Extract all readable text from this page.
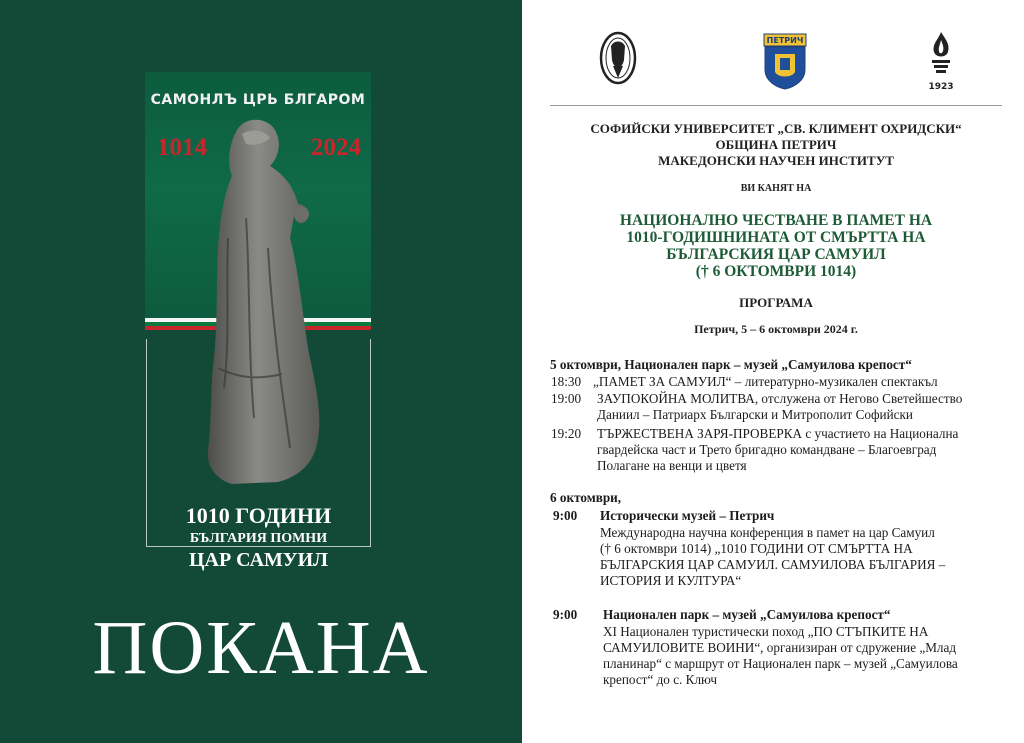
САМОНЛЪ ЦРЬ БЛГАРОМ
1014	2024
1010 ГОДИНИ
БЪЛГАРИЯ ПОМНИ
ЦАР САМУИЛ
ПОКАНА
ПЕТРИЧ
1923
СОФИЙСКИ УНИВЕРСИТЕТ „СВ. КЛИМЕНТ ОХРИДСКИ“
ОБЩИНА ПЕТРИЧ
МАКЕДОНСКИ НАУЧЕН ИНСТИТУТ
ВИ КАНЯТ НА
НАЦИОНАЛНО ЧЕСТВАНЕ В ПАМЕТ НА
1010-ГОДИШНИНАТА ОТ СМЪРТТА НА
БЪЛГАРСКИЯ ЦАР САМУИЛ
(† 6 ОКТОМВРИ 1014)
ПРОГРАМА
Петрич, 5 – 6 октомври 2024 г.
5 октомври, Национален парк – музей „Самуилова крепост“
18:30 „ПАМЕТ ЗА САМУИЛ“ – литературно-музикален спектакъл
19:00 ЗАУПОКОЙНА МОЛИТВА, отслужена от Негово Светейшество
Даниил – Патриарх Български и Митрополит Софийски
19:20 ТЪРЖЕСТВЕНА ЗАРЯ-ПРОВЕРКА с участието на Национална
гвардейска част и Трето бригадно командване – Благоевград
Полагане на венци и цветя
6 октомври,
9:00 Исторически музей – Петрич
Международна научна конференция в памет на цар Самуил
(† 6 октомври 1014) „1010 ГОДИНИ ОТ СМЪРТТА НА
БЪЛГАРСКИЯ ЦАР САМУИЛ. САМУИЛОВА БЪЛГАРИЯ –
ИСТОРИЯ И КУЛТУРА“
9:00 Национален парк – музей „Самуилова крепост“
XI Национален туристически поход „ПО СТЪПКИТЕ НА
САМУИЛОВИТЕ ВОИНИ“, организиран от сдружение „Млад
планинар“ с маршрут от Национален парк – музей „Самуилова
крепост“ до с. Ключ
